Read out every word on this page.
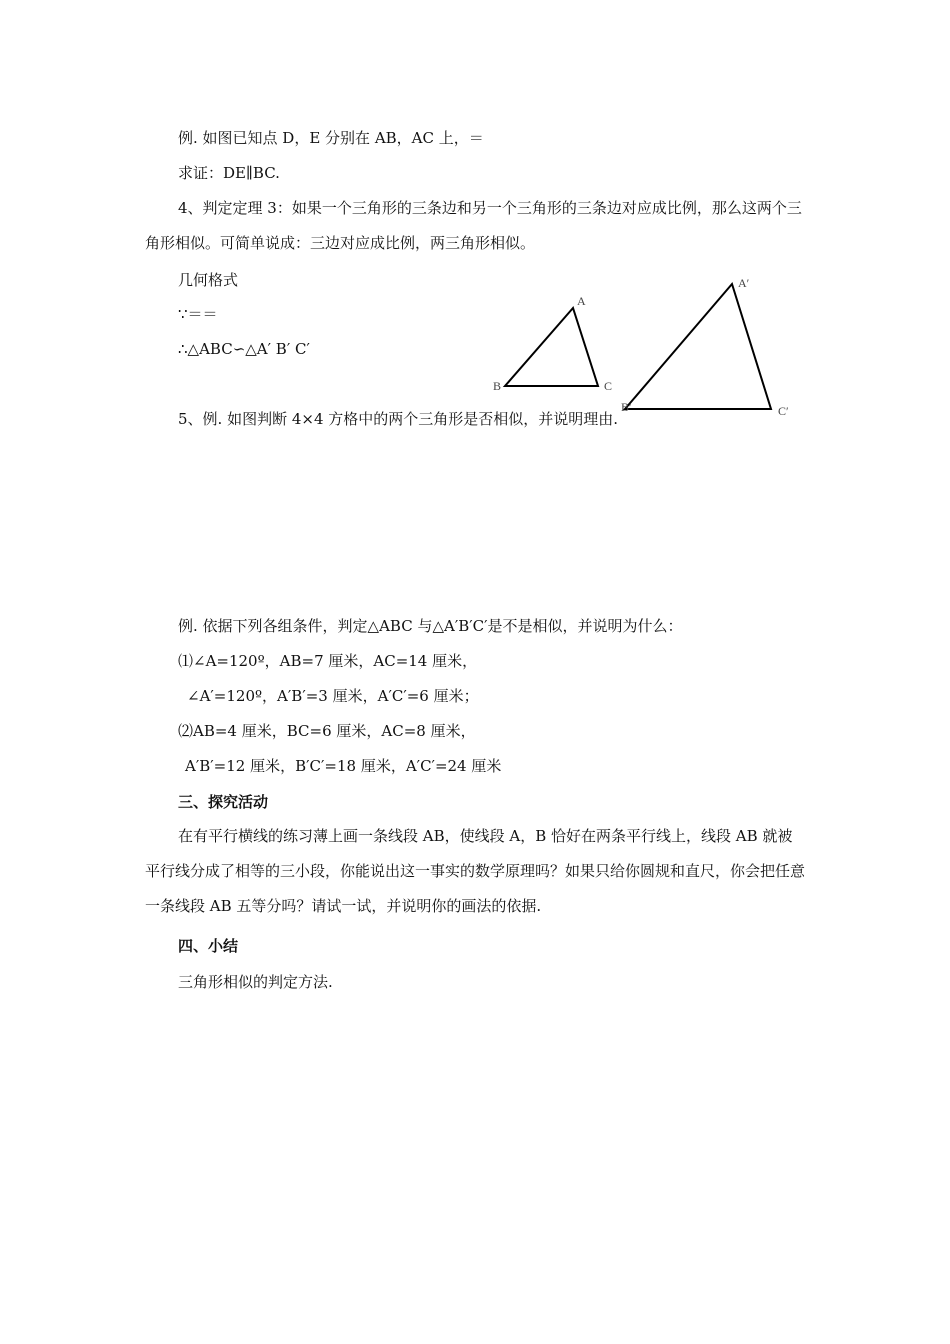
例. 如图已知点 D，E 分别在 AB，AC 上，＝
求证：DE∥BC.
4、判定定理 3：如果一个三角形的三条边和另一个三角形的三条边对应成比例，那么这两个三角形相似。可简单说成：三边对应成比例，两三角形相似。
几何格式
∵＝＝
∴△ABC∽△A′ B′ C′
A
B	C
A′
B′	C′
5、例. 如图判断 4×4 方格中的两个三角形是否相似，并说明理由.
例. 依据下列各组条件，判定△ABC 与△A′B′C′是不是相似，并说明为什么：
⑴∠A=120º，AB=7 厘米，AC=14 厘米，
∠A′=120º，A′B′=3 厘米，A′C′=6 厘米；
⑵AB=4 厘米，BC=6 厘米，AC=8 厘米，
A′B′=12 厘米，B′C′=18 厘米，A′C′=24 厘米
三、探究活动
在有平行横线的练习薄上画一条线段 AB，使线段 A，B 恰好在两条平行线上，线段 AB 就被平行线分成了相等的三小段，你能说出这一事实的数学原理吗？如果只给你圆规和直尺，你会把任意一条线段 AB 五等分吗？请试一试，并说明你的画法的依据.
四、小结
三角形相似的判定方法.
